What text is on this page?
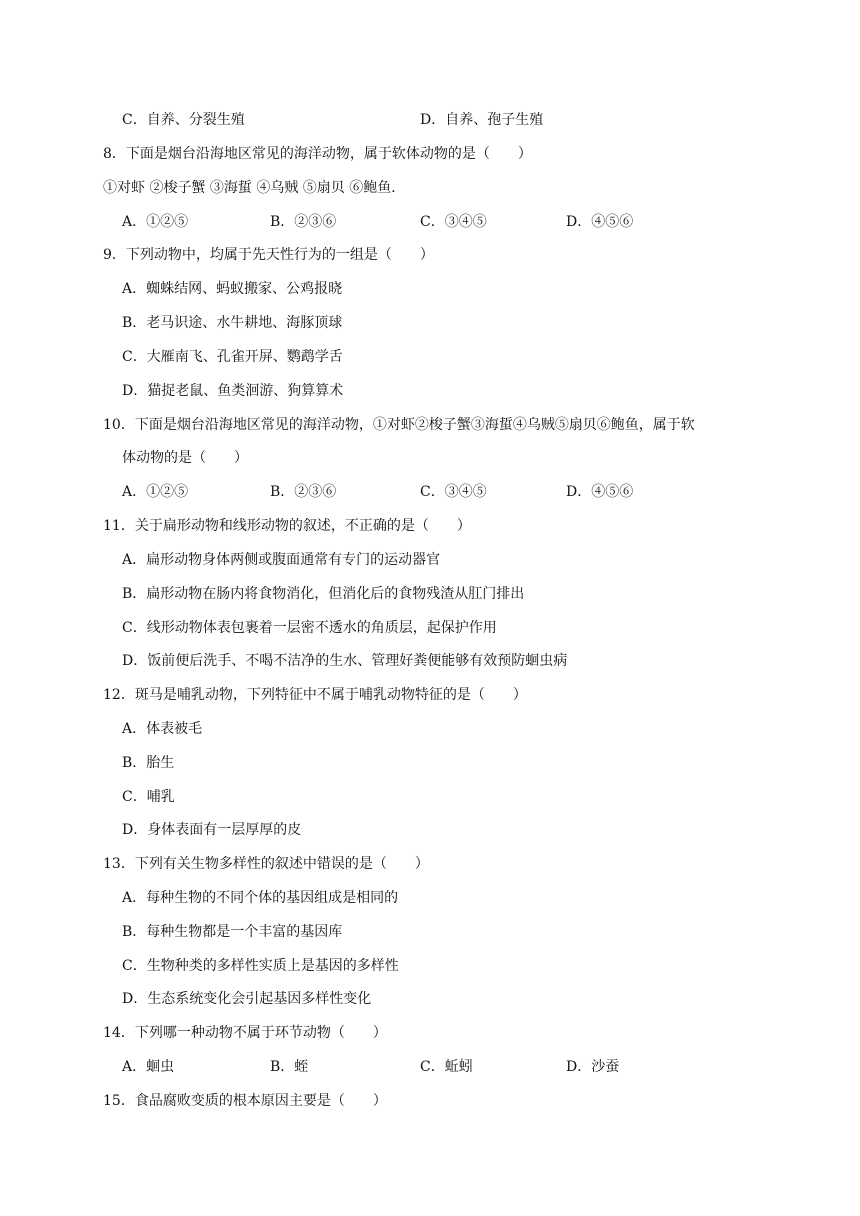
C．自养、分裂生殖	D．自养、孢子生殖
8．下面是烟台沿海地区常见的海洋动物，属于软体动物的是（　　）
①对虾 ②梭子蟹 ③海蜇 ④乌贼 ⑤扇贝 ⑥鲍鱼．
A．①②⑤	B．②③⑥	C．③④⑤	D．④⑤⑥
9．下列动物中，均属于先天性行为的一组是（　　）
A．蜘蛛结网、蚂蚁搬家、公鸡报晓
B．老马识途、水牛耕地、海豚顶球
C．大雁南飞、孔雀开屏、鹦鹉学舌
D．猫捉老鼠、鱼类洄游、狗算算术
10．下面是烟台沿海地区常见的海洋动物，①对虾②梭子蟹③海蜇④乌贼⑤扇贝⑥鲍鱼，属于软
体动物的是（　　）
A．①②⑤	B．②③⑥	C．③④⑤	D．④⑤⑥
11．关于扁形动物和线形动物的叙述，不正确的是（　　）
A．扁形动物身体两侧或腹面通常有专门的运动器官
B．扁形动物在肠内将食物消化，但消化后的食物残渣从肛门排出
C．线形动物体表包裹着一层密不透水的角质层，起保护作用
D．饭前便后洗手、不喝不洁净的生水、管理好粪便能够有效预防蛔虫病
12．斑马是哺乳动物，下列特征中不属于哺乳动物特征的是（　　）
A．体表被毛
B．胎生
C．哺乳
D．身体表面有一层厚厚的皮
13．下列有关生物多样性的叙述中错误的是（　　）
A．每种生物的不同个体的基因组成是相同的
B．每种生物都是一个丰富的基因库
C．生物种类的多样性实质上是基因的多样性
D．生态系统变化会引起基因多样性变化
14．下列哪一种动物不属于环节动物（　　）
A．蛔虫	B．蛭	C．蚯蚓	D．沙蚕
15．食品腐败变质的根本原因主要是（　　）
